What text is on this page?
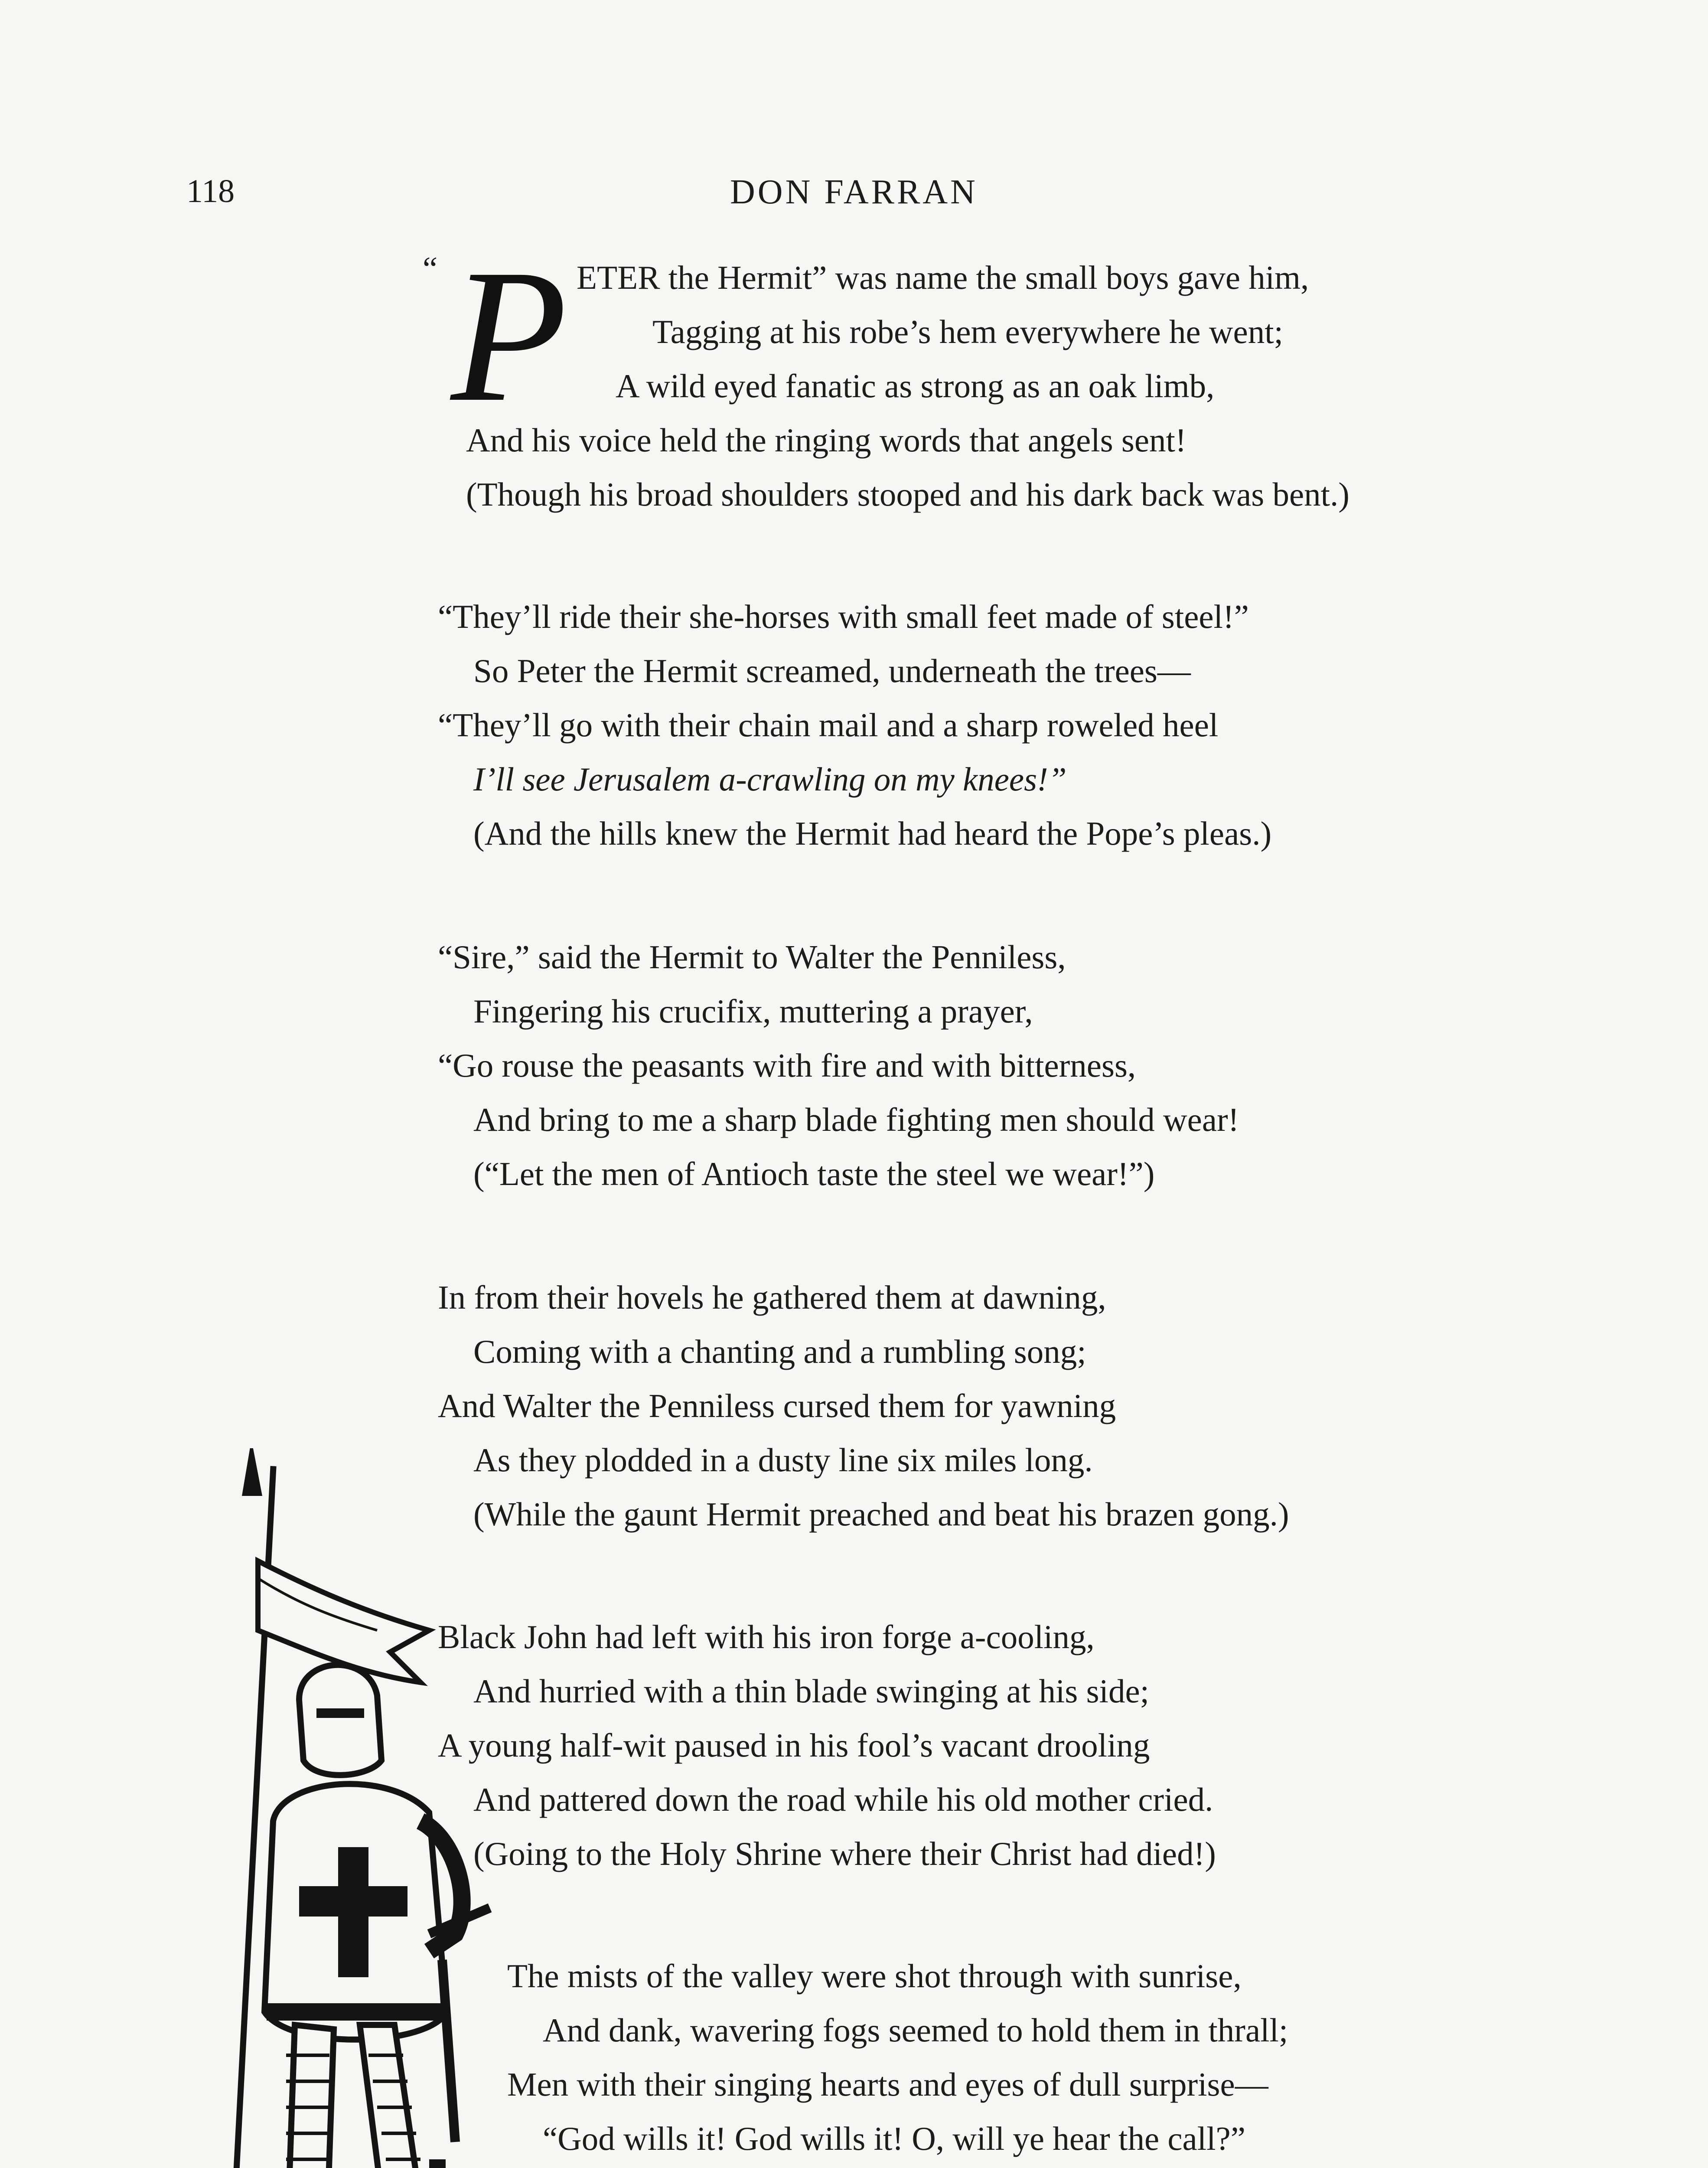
118	DON FARRAN
“ P ETER the Hermit” was name the small boys gave him,
Tagging at his robe’s hem everywhere he went;
A wild eyed fanatic as strong as an oak limb,
And his voice held the ringing words that angels sent!
(Though his broad shoulders stooped and his dark back was bent.)
“They’ll ride their she-horses with small feet made of steel!”
So Peter the Hermit screamed, underneath the trees—
“They’ll go with their chain mail and a sharp roweled heel
I’ll see Jerusalem a-crawling on my knees!”
(And the hills knew the Hermit had heard the Pope’s pleas.)
“Sire,” said the Hermit to Walter the Penniless,
Fingering his crucifix, muttering a prayer,
“Go rouse the peasants with fire and with bitterness,
And bring to me a sharp blade fighting men should wear!
(“Let the men of Antioch taste the steel we wear!”)
In from their hovels he gathered them at dawning,
Coming with a chanting and a rumbling song;
And Walter the Penniless cursed them for yawning
As they plodded in a dusty line six miles long.
(While the gaunt Hermit preached and beat his brazen gong.)
Black John had left with his iron forge a-cooling,
And hurried with a thin blade swinging at his side;
A young half-wit paused in his fool’s vacant drooling
And pattered down the road while his old mother cried.
(Going to the Holy Shrine where their Christ had died!)
The mists of the valley were shot through with sunrise,
And dank, wavering fogs seemed to hold them in thrall;
Men with their singing hearts and eyes of dull surprise—
“God wills it! God wills it! O, will ye hear the call?”
